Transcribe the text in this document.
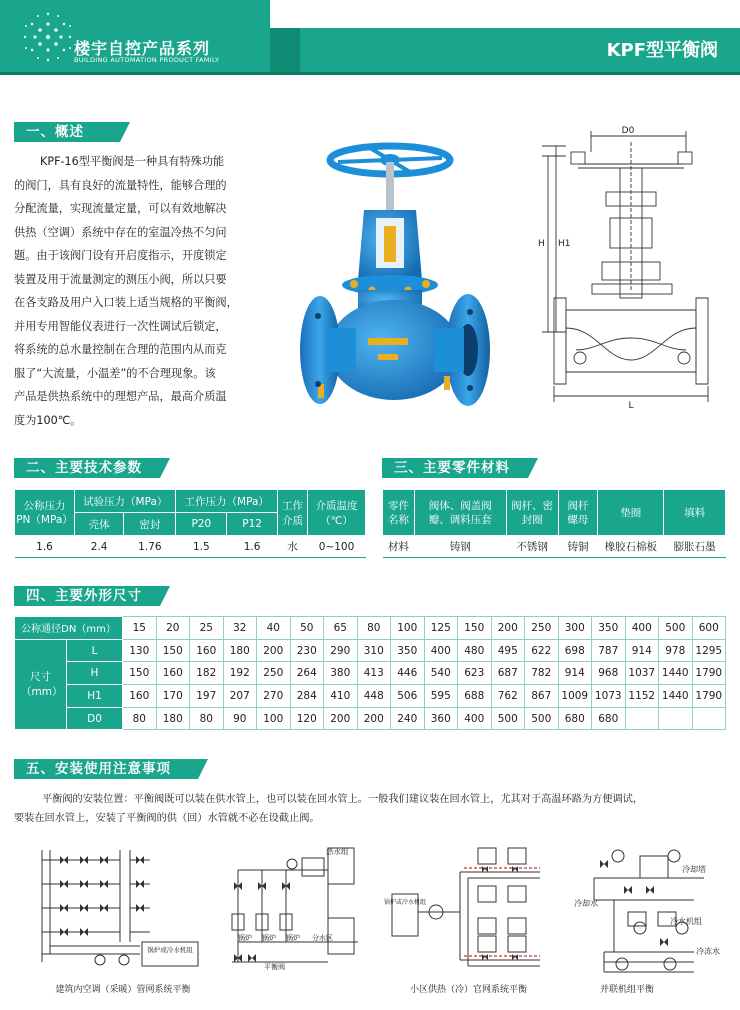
楼宇自控产品系列
BUILDING AUTOMATION PRODUCT FAMILY	KPF型平衡阀
一、概述

KPF-16型平衡阀是一种具有特殊功能

的阀门，具有良好的流量特性，能够合理的

分配流量，实现流量定量，可以有效地解决

供热（空调）系统中存在的室温冷热不匀问

题。由于该阀门设有开启度指示，开度锁定

装置及用于流量测定的测压小阀，所以只要

在各支路及用户入口装上适当规格的平衡阀，

并用专用智能仪表进行一次性调试后锁定，

将系统的总水量控制在合理的范围内从而克

服了“大流量，小温差”的不合理现象。该

产品是供热系统中的理想产品，最高介质温

度为100℃。

D0
H H1
L
二、主要技术参数	三、主要零件材料
公称压力
PN（MPa）	试验压力（MPa）		工作压力（MPa）		工作介质	介质温度（℃）
	壳体	密封	P20	P12		
1.6	2.4	1.76	1.5	1.6	水	0~100
零件名称	阀体、阀盖阀瓣、调料压套	阀杆、密封圈	阀杆螺母	垫圈	填料
材料	铸钢	不锈钢	铸铜	橡胶石棉板	膨胀石墨
四、主要外形尺寸
公称通径DN（mm）		15	20	25	32	40	50	65	80	100	125	150	200	250	300	350	400	500	600
尺寸（mm）	L	130	150	160	180	200	230	290	310	350	400	480	495	622	698	787	914	978	1295
	H	150	160	182	192	250	264	380	413	446	540	623	687	782	914	968	1037	1440	1790
	H1	160	170	197	207	270	284	410	448	506	595	688	762	867	1009	1073	1152	1440	1790
	D0	80	180	80	90	100	120	200	200	240	360	400	500	500	680	680			
五、安装使用注意事项
平衡阀的安装位置：平衡阀既可以装在供水管上，也可以装在回水管上。一般我们建议装在回水管上，尤其对于高温环路为方便调试，
要装在回水管上，安装了平衡阀的供（回）水管就不必在设截止阀。
锅炉或冷水机组
建筑内空调（采暖）管网系统平衡
热水组
锅炉 锅炉 锅炉 分水区
平衡阀
锅炉或冷水机组
小区供热（冷）官网系统平衡
冷却塔
冷却水
冷水机组
冷冻水
并联机组平衡
